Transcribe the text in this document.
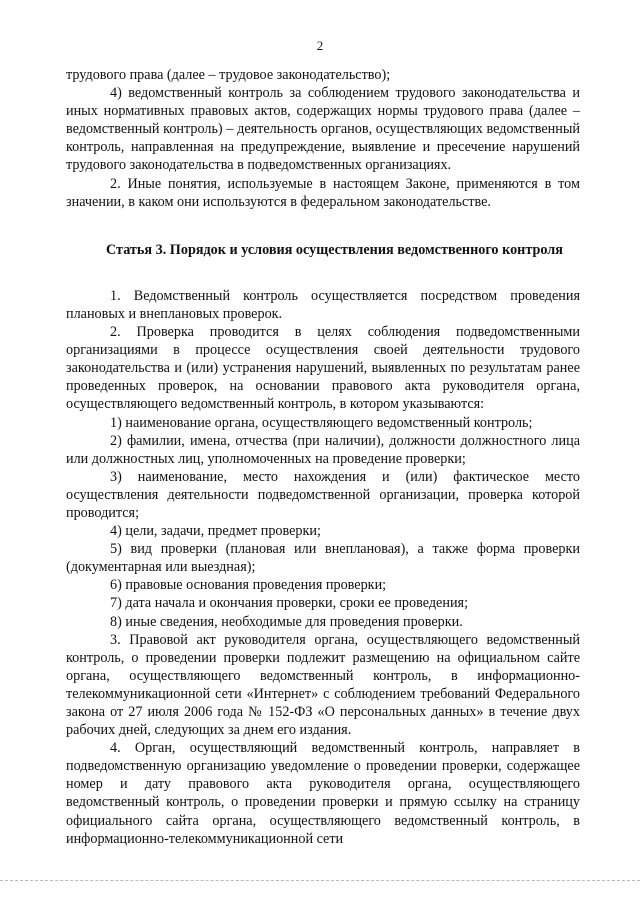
2

трудового права (далее – трудовое законодательство);

4) ведомственный контроль за соблюдением трудового законодательства и иных нормативных правовых актов, содержащих нормы трудового права (далее – ведомственный контроль) – деятельность органов, осуществляющих ведомственный контроль, направленная на предупреждение, выявление и пресечение нарушений трудового законодательства в подведомственных организациях.

2. Иные понятия, используемые в настоящем Законе, применяются в том значении, в каком они используются в федеральном законодательстве.

Статья 3. Порядок и условия осуществления ведомственного контроля

1. Ведомственный контроль осуществляется посредством проведения плановых и внеплановых проверок.

2. Проверка проводится в целях соблюдения подведомственными организациями в процессе осуществления своей деятельности трудового законодательства и (или) устранения нарушений, выявленных по результатам ранее проведенных проверок, на основании правового акта руководителя органа, осуществляющего ведомственный контроль, в котором указываются:

1) наименование органа, осуществляющего ведомственный контроль;

2) фамилии, имена, отчества (при наличии), должности должностного лица или должностных лиц, уполномоченных на проведение проверки;

3) наименование, место нахождения и (или) фактическое место осуществления деятельности подведомственной организации, проверка которой проводится;

4) цели, задачи, предмет проверки;

5) вид проверки (плановая или внеплановая), а также форма проверки (документарная или выездная);

6) правовые основания проведения проверки;

7) дата начала и окончания проверки, сроки ее проведения;

8) иные сведения, необходимые для проведения проверки.

3. Правовой акт руководителя органа, осуществляющего ведомственный контроль, о проведении проверки подлежит размещению на официальном сайте органа, осуществляющего ведомственный контроль, в информационно-телекоммуникационной сети «Интернет» с соблюдением требований Федерального закона от 27 июля 2006 года № 152-ФЗ «О персональных данных» в течение двух рабочих дней, следующих за днем его издания.

4. Орган, осуществляющий ведомственный контроль, направляет в подведомственную организацию уведомление о проведении проверки, содержащее номер и дату правового акта руководителя органа, осуществляющего ведомственный контроль, о проведении проверки и прямую ссылку на страницу официального сайта органа, осуществляющего ведомственный контроль, в информационно-телекоммуникационной сети
